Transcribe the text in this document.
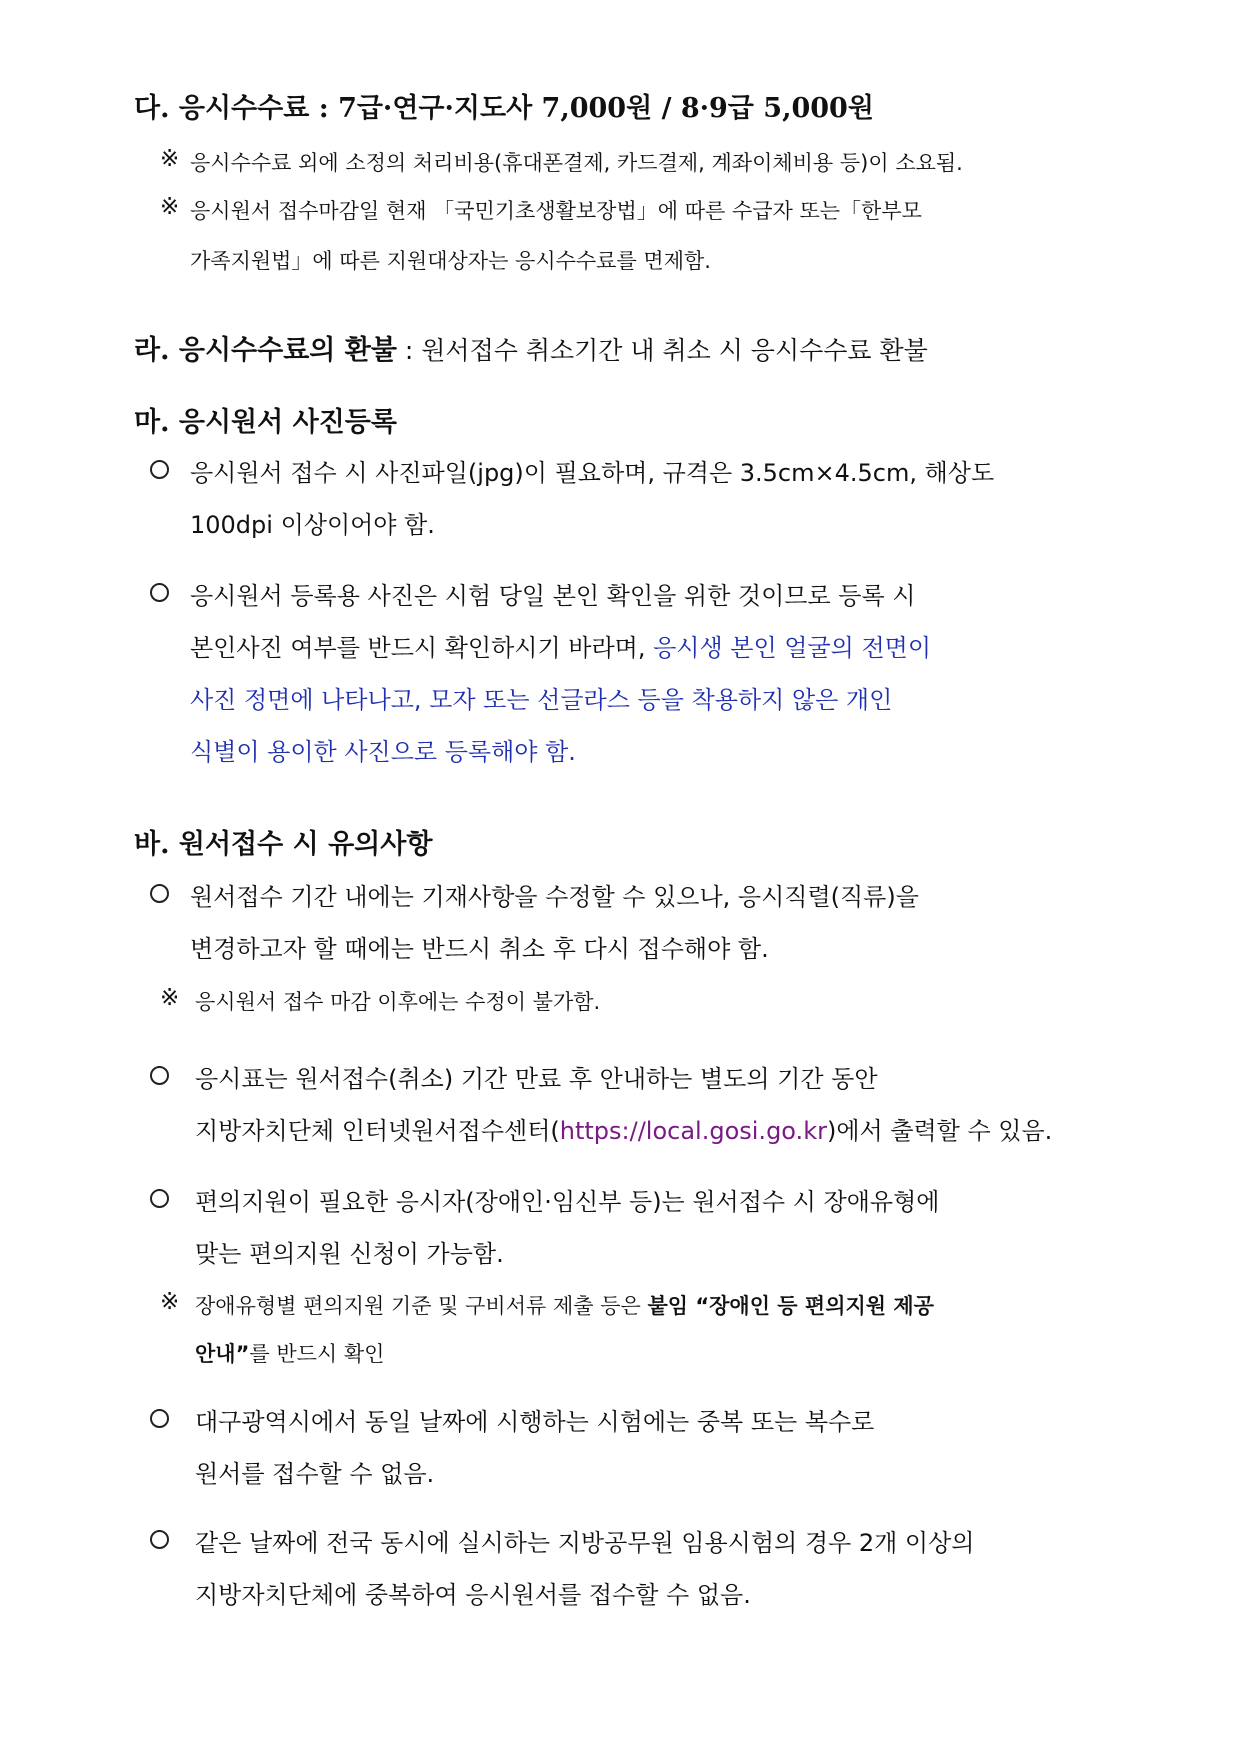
다. 응시수수료 : 7급·연구·지도사 7,000원 / 8·9급 5,000원
※ 응시수수료 외에 소정의 처리비용(휴대폰결제, 카드결제, 계좌이체비용 등)이 소요됨.
※ 응시원서 접수마감일 현재 「국민기초생활보장법」에 따른 수급자 또는「한부모
가족지원법」에 따른 지원대상자는 응시수수료를 면제함.
라. 응시수수료의 환불 : 원서접수 취소기간 내 취소 시 응시수수료 환불
마. 응시원서 사진등록
응시원서 접수 시 사진파일(jpg)이 필요하며, 규격은 3.5cm×4.5cm, 해상도
100dpi 이상이어야 함.
응시원서 등록용 사진은 시험 당일 본인 확인을 위한 것이므로 등록 시
본인사진 여부를 반드시 확인하시기 바라며, 응시생 본인 얼굴의 전면이
사진 정면에 나타나고, 모자 또는 선글라스 등을 착용하지 않은 개인
식별이 용이한 사진으로 등록해야 함.
바. 원서접수 시 유의사항
원서접수 기간 내에는 기재사항을 수정할 수 있으나, 응시직렬(직류)을
변경하고자 할 때에는 반드시 취소 후 다시 접수해야 함.
※ 응시원서 접수 마감 이후에는 수정이 불가함.
응시표는 원서접수(취소) 기간 만료 후 안내하는 별도의 기간 동안
지방자치단체 인터넷원서접수센터(https://local.gosi.go.kr)에서 출력할 수 있음.
편의지원이 필요한 응시자(장애인·임신부 등)는 원서접수 시 장애유형에
맞는 편의지원 신청이 가능함.
※ 장애유형별 편의지원 기준 및 구비서류 제출 등은 붙임 “장애인 등 편의지원 제공
안내”를 반드시 확인
대구광역시에서 동일 날짜에 시행하는 시험에는 중복 또는 복수로
원서를 접수할 수 없음.
같은 날짜에 전국 동시에 실시하는 지방공무원 임용시험의 경우 2개 이상의
지방자치단체에 중복하여 응시원서를 접수할 수 없음.
